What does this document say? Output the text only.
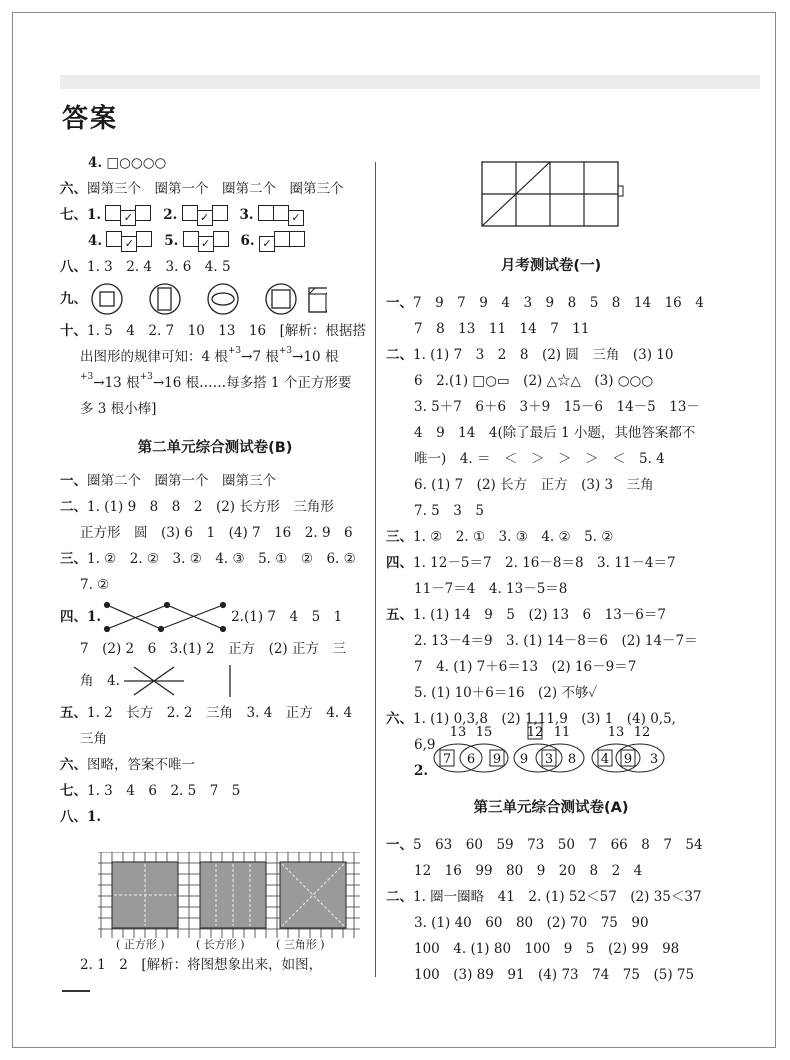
答案
4. □○○○○
六、圈第三个　圈第一个　圈第二个　圈第三个
七、1. ✓ 2. ✓ 3.	✓
4. ✓ 5. ✓ 6. ✓
八、1. 3　2. 4　3. 6　4. 5
九、
十、1. 5　4　2. 7　10　13　16　[解析：根据搭
出图形的规律可知：4 根$^{+3}$→7 根$^{+3}$→10 根
$^{+3}$→13 根$^{+3}$→16 根……每多搭 1 个正方形要
多 3 根小棒]
第二单元综合测试卷(B)
一、圈第二个　圈第一个　圈第三个
二、1. (1) 9　8　8　2　(2) 长方形　三角形
正方形　圆　(3) 6　1　(4) 7　16　2. 9　6
三、1. ②　2. ②　3. ②　4. ③　5. ①　②　6. ②
7. ②
四、1.	2.(1) 7　4　5　1
7　(2) 2　6　3.(1) 2　正方　(2) 正方　三
角　4.
五、1. 2　长方　2. 2　三角　3. 4　正方　4. 4
三角
六、图略，答案不唯一
七、1. 3　4　6　2. 5　7　5
八、1.
( 正方形 )	( 长方形 )	( 三角形 )
2. 1　2　[解析：将图想象出来，如图，
月考测试卷(一)
一、7　9　7　9　4　3　9　8　5　8　14　16　4
7　8　13　11　14　7　11
二、1. (1) 7　3　2　8　(2) 圆　三角　(3) 10
6　2.(1) □○▭　(2) △☆△　(3) ○○○
3. 5＋7　6＋6　3＋9　15－6　14－5　13－
4　9　14　4(除了最后 1 小题，其他答案都不
唯一)　4. ＝　＜　＞　＞　＞　＜　5. 4
6. (1) 7　(2) 长方　正方　(3) 3　三角
7. 5　3　5
三、1. ②　2. ①　3. ③　4. ②　5. ②
四、1. 12－5＝7　2. 16－8＝8　3. 11－4＝7
11－7＝4　4. 13－5＝8
五、1. (1) 14　9　5　(2) 13　6　13－6＝7
2. 13－4＝9　3. (1) 14－8＝6　(2) 14－7＝
7　4. (1) 7＋6＝13　(2) 16－9＝7
5. (1) 10＋6＝16　(2) 不够✓
六、1. (1) 0,3,8　(2) 1,11,9　(3) 1　(4) 0,5,
6,9
2.
13 15
7 6 9
12 11
9 3 8
13 12
4 9 3
第三单元综合测试卷(A)
一、5　63　60　59　73　50　7　66　8　7　54
12　16　99　80　9　20　8　2　4
二、1. 圈一圈略　41　2. (1) 52＜57　(2) 35＜37
3. (1) 40　60　80　(2) 70　75　90
100　4. (1) 80　100　9　5　(2) 99　98
100　(3) 89　91　(4) 73　74　75　(5) 75
